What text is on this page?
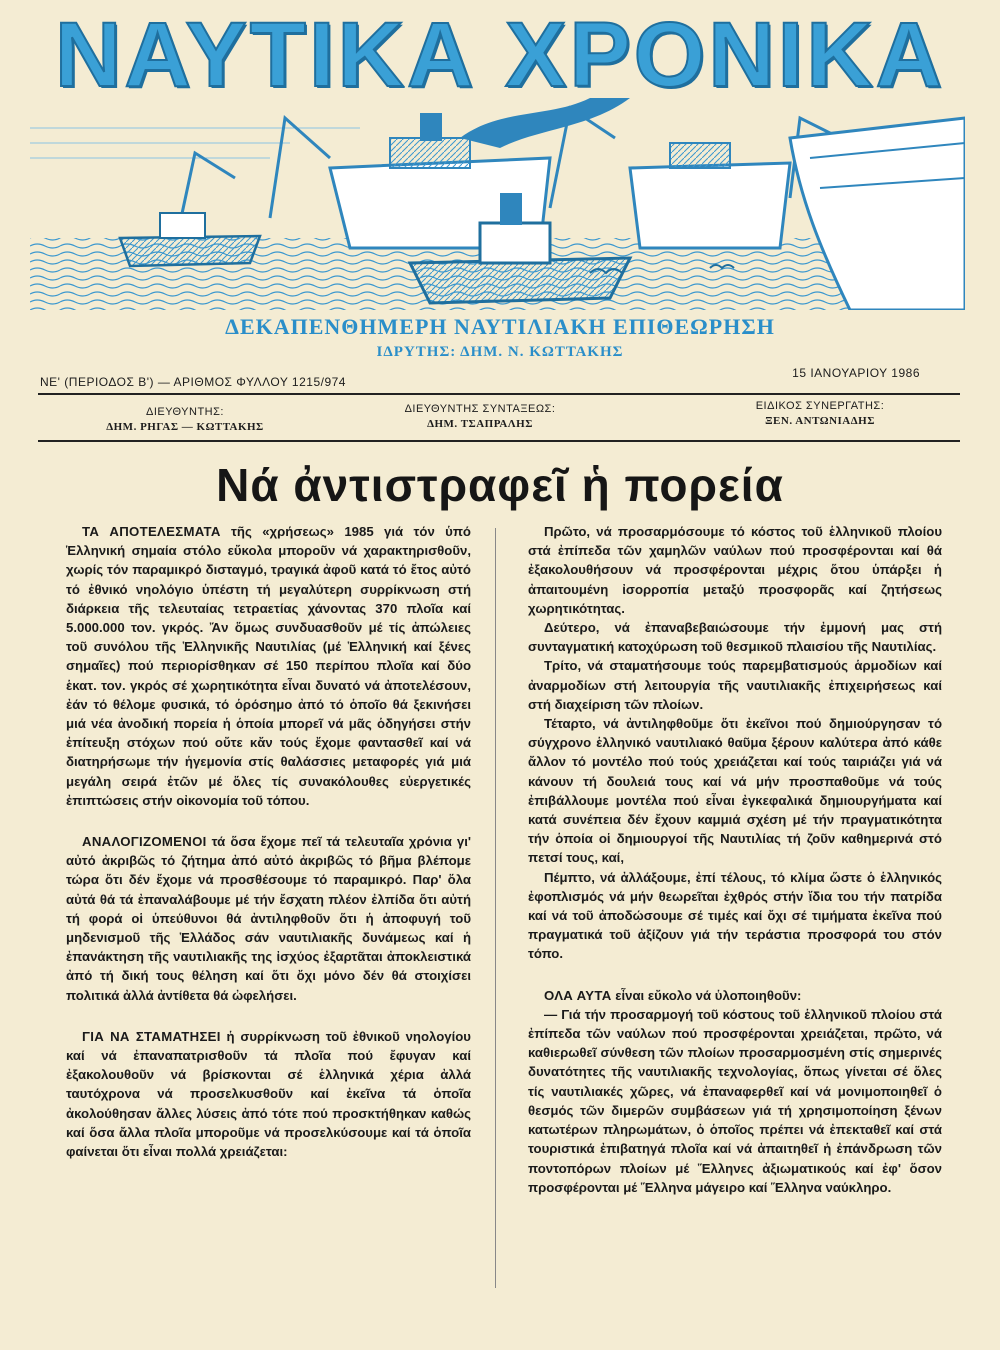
ΝΑΥΤΙΚΑ ΧΡΟΝΙΚΑ
ΔΕΚΑΠΕΝΘΗΜΕΡΗ ΝΑΥΤΙΛΙΑΚΗ ΕΠΙΘΕΩΡΗΣΗ
ΙΔΡΥΤΗΣ: ΔΗΜ. Ν. ΚΩΤΤΑΚΗΣ
ΝΕ' (ΠΕΡΙΟΔΟΣ Β') — ΑΡΙΘΜΟΣ ΦΥΛΛΟΥ 1215/974
15 ΙΑΝΟΥΑΡΙΟΥ 1986
ΔΙΕΥΘΥΝΤΗΣ:
ΔΗΜ. ΡΗΓΑΣ — ΚΩΤΤΑΚΗΣ
ΔΙΕΥΘΥΝΤΗΣ ΣΥΝΤΑΞΕΩΣ:
ΔΗΜ. ΤΣΑΠΡΑΛΗΣ
ΕΙΔΙΚΟΣ ΣΥΝΕΡΓΑΤΗΣ:
ΞΕΝ. ΑΝΤΩΝΙΑΔΗΣ
Νά ἀντιστραφεῖ ἡ πορεία

ΤΑ ΑΠΟΤΕΛΕΣΜΑΤΑ τῆς «χρήσεως» 1985 γιά τόν ὑπό Ἑλληνική σημαία στόλο εὔκολα μποροῦν νά χαρακτηρισθοῦν, χωρίς τόν παραμικρό δισταγμό, τραγικά ἀφοῦ κατά τό ἔτος αὐτό τό ἐθνικό νηολόγιο ὑπέστη τή μεγαλύτερη συρρίκνωση στή διάρκεια τῆς τελευταίας τετραετίας χάνοντας 370 πλοῖα καί 5.000.000 τον. γκρός. Ἄν ὅμως συνδυασθοῦν μέ τίς ἀπώλειες τοῦ συνόλου τῆς Ἑλληνικῆς Ναυτιλίας (μέ Ἑλληνική καί ξένες σημαῖες) πού περιορίσθηκαν σέ 150 περίπου πλοῖα καί δύο ἑκατ. τον. γκρός σέ χωρητικότητα εἶναι δυνατό νά ἀποτελέσουν, ἐάν τό θέλομε φυσικά, τό ὁρόσημο ἀπό τό ὁποῖο θά ξεκινήσει μιά νέα ἀνοδική πορεία ἡ ὁποία μπορεῖ νά μᾶς ὁδηγήσει στήν ἐπίτευξη στόχων πού οὔτε κἄν τούς ἔχομε φαντασθεῖ καί νά διατηρήσωμε τήν ἡγεμονία στίς θαλάσσιες μεταφορές γιά μιά μεγάλη σειρά ἐτῶν μέ ὅλες τίς συνακόλουθες εὐεργετικές ἐπιπτώσεις στήν οἰκονομία τοῦ τόπου.

ΑΝΑΛΟΓΙΖΟΜΕΝΟΙ τά ὅσα ἔχομε πεῖ τά τελευταῖα χρόνια γι' αὐτό ἀκριβῶς τό ζήτημα ἀπό αὐτό ἀκριβῶς τό βῆμα βλέπομε τώρα ὅτι δέν ἔχομε νά προσθέσουμε τό παραμικρό. Παρ' ὅλα αὐτά θά τά ἐπαναλάβουμε μέ τήν ἔσχατη πλέον ἐλπίδα ὅτι αὐτή τή φορά οἱ ὑπεύθυνοι θά ἀντιληφθοῦν ὅτι ἡ ἀποφυγή τοῦ μηδενισμοῦ τῆς Ἑλλάδος σάν ναυτιλιακῆς δυνάμεως καί ἡ ἐπανάκτηση τῆς ναυτιλιακῆς της ἰσχύος ἐξαρτᾶται ἀποκλειστικά ἀπό τή δική τους θέληση καί ὅτι ὄχι μόνο δέν θά στοιχίσει πολιτικά ἀλλά ἀντίθετα θά ὠφελήσει.

ΓΙΑ ΝΑ ΣΤΑΜΑΤΗΣΕΙ ἡ συρρίκνωση τοῦ ἐθνικοῦ νηολογίου καί νά ἐπαναπατρισθοῦν τά πλοῖα πού ἔφυγαν καί ἐξακολουθοῦν νά βρίσκονται σέ ἑλληνικά χέρια ἀλλά ταυτόχρονα νά προσελκυσθοῦν καί ἐκεῖνα τά ὁποῖα ἀκολούθησαν ἄλλες λύσεις ἀπό τότε πού προσκτήθηκαν καθώς καί ὅσα ἄλλα πλοῖα μποροῦμε νά προσελκύσουμε καί τά ὁποῖα φαίνεται ὅτι εἶναι πολλά χρειάζεται:

Πρῶτο, νά προσαρμόσουμε τό κόστος τοῦ ἑλληνικοῦ πλοίου στά ἐπίπεδα τῶν χαμηλῶν ναύλων πού προσφέρονται καί θά ἐξακολουθήσουν νά προσφέρονται μέχρις ὅτου ὑπάρξει ἡ ἀπαιτουμένη ἰσορροπία μεταξύ προσφορᾶς καί ζητήσεως χωρητικότητας.

Δεύτερο, νά ἐπαναβεβαιώσουμε τήν ἐμμονή μας στή συνταγματική κατοχύρωση τοῦ θεσμικοῦ πλαισίου τῆς Ναυτιλίας.

Τρίτο, νά σταματήσουμε τούς παρεμβατισμούς ἁρμοδίων καί ἀναρμοδίων στή λειτουργία τῆς ναυτιλιακῆς ἐπιχειρήσεως καί στή διαχείριση τῶν πλοίων.

Τέταρτο, νά ἀντιληφθοῦμε ὅτι ἐκεῖνοι πού δημιούργησαν τό σύγχρονο ἑλληνικό ναυτιλιακό θαῦμα ξέρουν καλύτερα ἀπό κάθε ἄλλον τό μοντέλο πού τούς χρειάζεται καί τούς ταιριάζει γιά νά κάνουν τή δουλειά τους καί νά μήν προσπαθοῦμε νά τούς ἐπιβάλλουμε μοντέλα πού εἶναι ἐγκεφαλικά δημιουργήματα καί κατά συνέπεια δέν ἔχουν καμμιά σχέση μέ τήν πραγματικότητα τήν ὁποία οἱ δημιουργοί τῆς Ναυτιλίας τή ζοῦν καθημερινά στό πετσί τους, καί,

Πέμπτο, νά ἀλλάξουμε, ἐπί τέλους, τό κλίμα ὥστε ὁ ἑλληνικός ἐφοπλισμός νά μήν θεωρεῖται ἐχθρός στήν ἴδια του τήν πατρίδα καί νά τοῦ ἀποδώσουμε σέ τιμές καί ὄχι σέ τιμήματα ἐκεῖνα πού πραγματικά τοῦ ἀξίζουν γιά τήν τεράστια προσφορά του στόν τόπο.

ΟΛΑ ΑΥΤΑ εἶναι εὔκολο νά ὑλοποιηθοῦν:

— Γιά τήν προσαρμογή τοῦ κόστους τοῦ ἑλληνικοῦ πλοίου στά ἐπίπεδα τῶν ναύλων πού προσφέρονται χρειάζεται, πρῶτο, νά καθιερωθεῖ σύνθεση τῶν πλοίων προσαρμοσμένη στίς σημερινές δυνατότητες τῆς ναυτιλιακῆς τεχνολογίας, ὅπως γίνεται σέ ὅλες τίς ναυτιλιακές χῶρες, νά ἐπαναφερθεῖ καί νά μονιμοποιηθεῖ ὁ θεσμός τῶν διμερῶν συμβάσεων γιά τή χρησιμοποίηση ξένων κατωτέρων πληρωμάτων, ὁ ὁποῖος πρέπει νά ἐπεκταθεῖ καί στά τουριστικά ἐπιβατηγά πλοῖα καί νά ἀπαιτηθεῖ ἡ ἐπάνδρωση τῶν ποντοπόρων πλοίων μέ Ἕλληνες ἀξιωματικούς καί ἐφ' ὅσον προσφέρονται μέ Ἕλληνα μάγειρο καί Ἕλληνα ναύκληρο.
